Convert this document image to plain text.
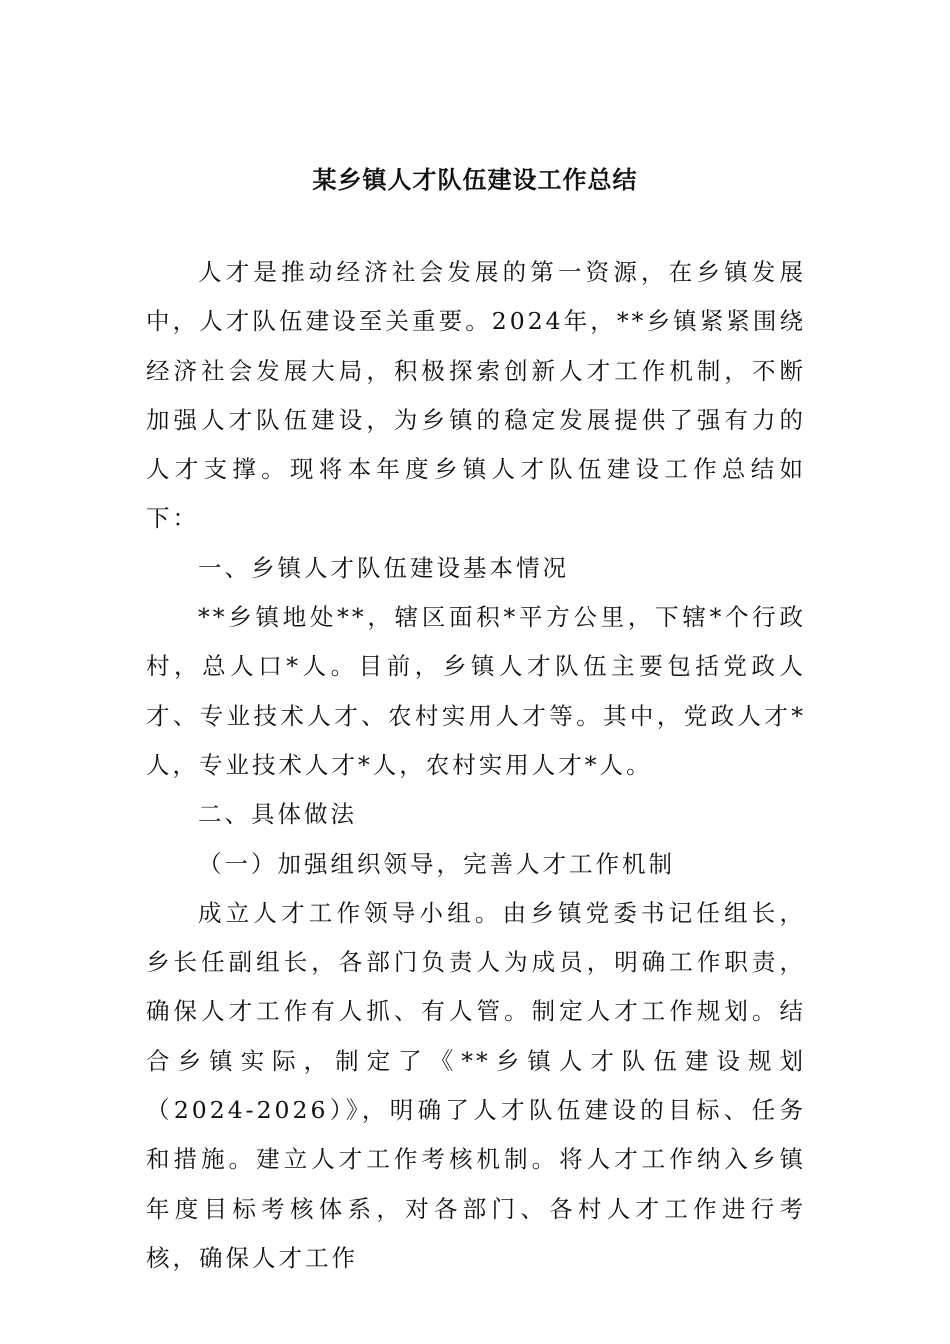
某乡镇人才队伍建设工作总结

人才是推动经济社会发展的第一资源，在乡镇发展中，人才队伍建设至关重要。2024年，**乡镇紧紧围绕经济社会发展大局，积极探索创新人才工作机制，不断加强人才队伍建设，为乡镇的稳定发展提供了强有力的人才支撑。现将本年度乡镇人才队伍建设工作总结如下：

一、乡镇人才队伍建设基本情况

**乡镇地处**，辖区面积*平方公里，下辖*个行政村，总人口*人。目前，乡镇人才队伍主要包括党政人才、专业技术人才、农村实用人才等。其中，党政人才*人，专业技术人才*人，农村实用人才*人。

二、具体做法

（一）加强组织领导，完善人才工作机制

成立人才工作领导小组。由乡镇党委书记任组长，乡长任副组长，各部门负责人为成员，明确工作职责，确保人才工作有人抓、有人管。制定人才工作规划。结合乡镇实际，制定了《**乡镇人才队伍建设规划（2024-2026）》，明确了人才队伍建设的目标、任务和措施。建立人才工作考核机制。将人才工作纳入乡镇年度目标考核体系，对各部门、各村人才工作进行考核，确保人才工作
